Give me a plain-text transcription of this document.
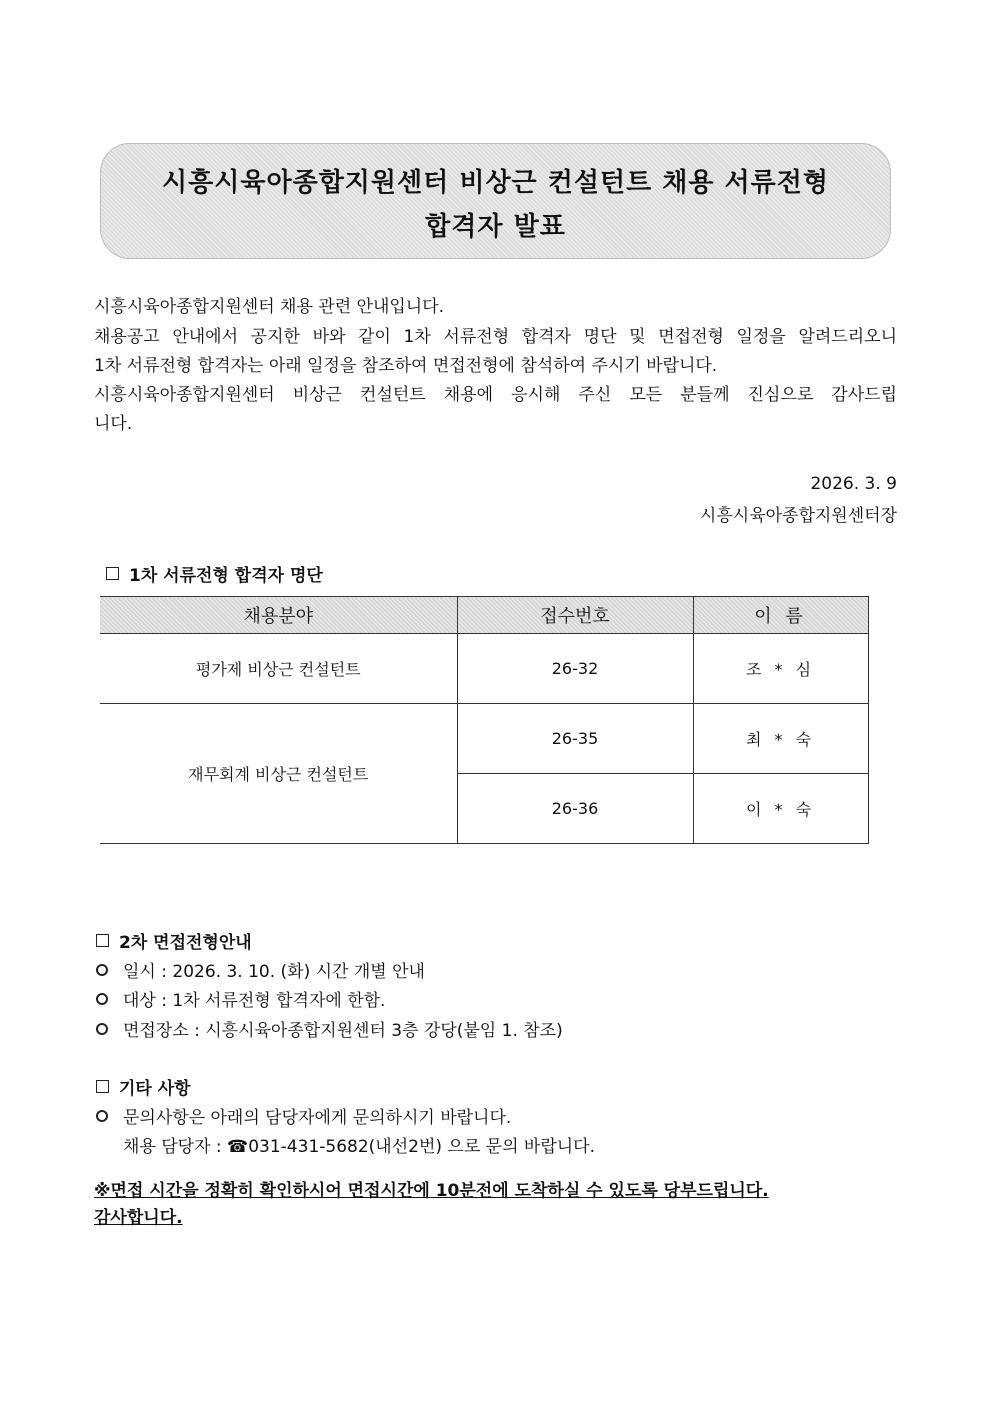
시흥시육아종합지원센터 비상근 컨설턴트 채용 서류전형
합격자 발표
시흥시육아종합지원센터 채용 관련 안내입니다.
채용공고 안내에서 공지한 바와 같이 1차 서류전형 합격자 명단 및 면접전형 일정을 알려드리오니
1차 서류전형 합격자는 아래 일정을 참조하여 면접전형에 참석하여 주시기 바랍니다.
시흥시육아종합지원센터 비상근 컨설턴트 채용에 응시해 주신 모든 분들께 진심으로 감사드립
니다.
2026. 3. 9
시흥시육아종합지원센터장
1차 서류전형 합격자 명단
채용분야	접수번호	이 름
평가제 비상근 컨설턴트	26-32	조 * 심
재무회계 비상근 컨설턴트	26-35	최 * 숙
	26-36	이 * 숙
2차 면접전형안내
일시 : 2026. 3. 10. (화) 시간 개별 안내
대상 : 1차 서류전형 합격자에 한함.
면접장소 : 시흥시육아종합지원센터 3층 강당(붙임 1. 참조)
기타 사항
문의사항은 아래의 담당자에게 문의하시기 바랍니다.
채용 담당자 : ☎031-431-5682(내선2번) 으로 문의 바랍니다.
※면접 시간을 정확히 확인하시어 면접시간에 10분전에 도착하실 수 있도록 당부드립니다.
감사합니다.
